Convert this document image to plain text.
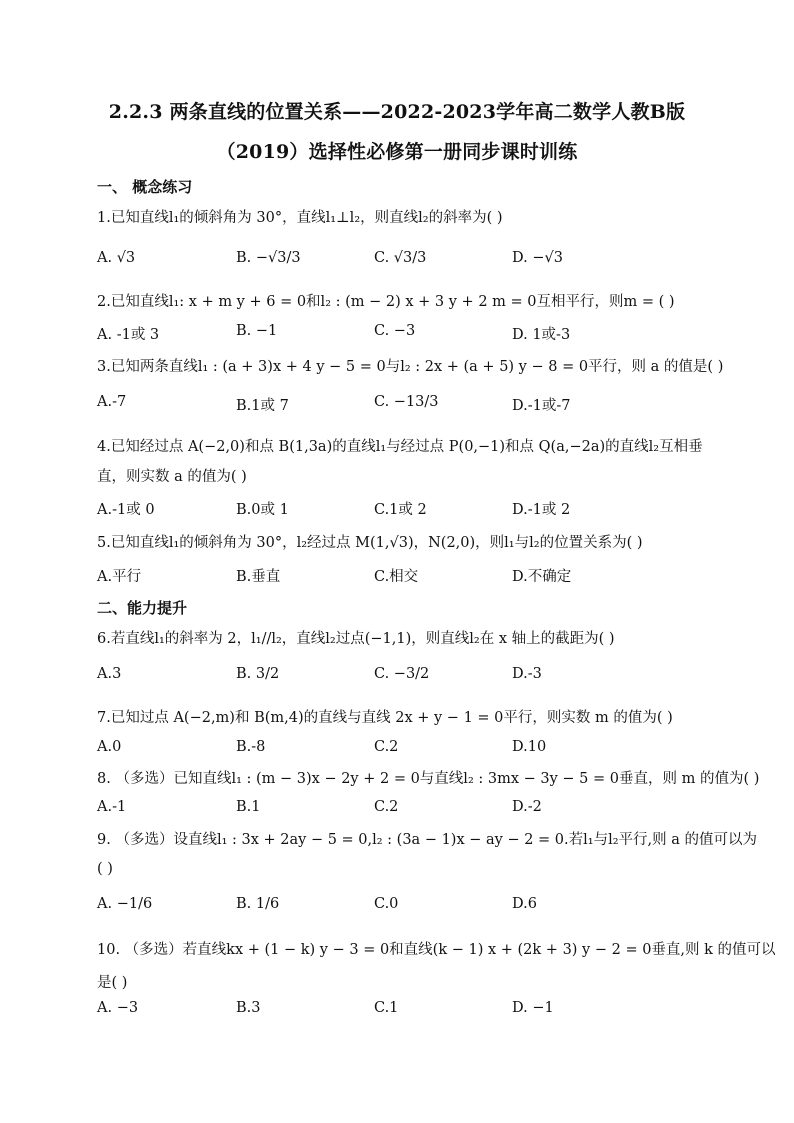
2.2.3 两条直线的位置关系——2022-2023学年高二数学人教B版
（2019）选择性必修第一册同步课时训练
一、 概念练习
1.已知直线l₁的倾斜角为 30°，直线l₁⊥l₂，则直线l₂的斜率为( )
A. √3	B. −√3/3	C. √3/3	D. −√3
2.已知直线l₁: x + m y + 6 = 0和l₂ : (m − 2) x + 3 y + 2 m = 0互相平行，则m = ( )
A. -1或 3	B. −1	C. −3	D. 1或-3
3.已知两条直线l₁ : (a + 3)x + 4 y − 5 = 0与l₂ : 2x + (a + 5) y − 8 = 0平行，则 a 的值是( )
A.-7	B.1或 7	C. −13/3	D.-1或-7
4.已知经过点 A(−2,0)和点 B(1,3a)的直线l₁与经过点 P(0,−1)和点 Q(a,−2a)的直线l₂互相垂
直，则实数 a 的值为( )
A.-1或 0	B.0或 1	C.1或 2	D.-1或 2
5.已知直线l₁的倾斜角为 30°，l₂经过点 M(1,√3)，N(2,0)，则l₁与l₂的位置关系为( )
A.平行	B.垂直	C.相交	D.不确定
二、能力提升
6.若直线l₁的斜率为 2，l₁//l₂，直线l₂过点(−1,1)，则直线l₂在 x 轴上的截距为( )
A.3	B. 3/2	C. −3/2	D.-3
7.已知过点 A(−2,m)和 B(m,4)的直线与直线 2x + y − 1 = 0平行，则实数 m 的值为( )
A.0	B.-8	C.2	D.10
8. （多选）已知直线l₁ : (m − 3)x − 2y + 2 = 0与直线l₂ : 3mx − 3y − 5 = 0垂直，则 m 的值为( )
A.-1	B.1	C.2	D.-2
9. （多选）设直线l₁ : 3x + 2ay − 5 = 0,l₂ : (3a − 1)x − ay − 2 = 0.若l₁与l₂平行,则 a 的值可以为
( )
A. −1/6	B. 1/6	C.0	D.6
10. （多选）若直线kx + (1 − k) y − 3 = 0和直线(k − 1) x + (2k + 3) y − 2 = 0垂直,则 k 的值可以
是( )
A. −3	B.3	C.1	D. −1
